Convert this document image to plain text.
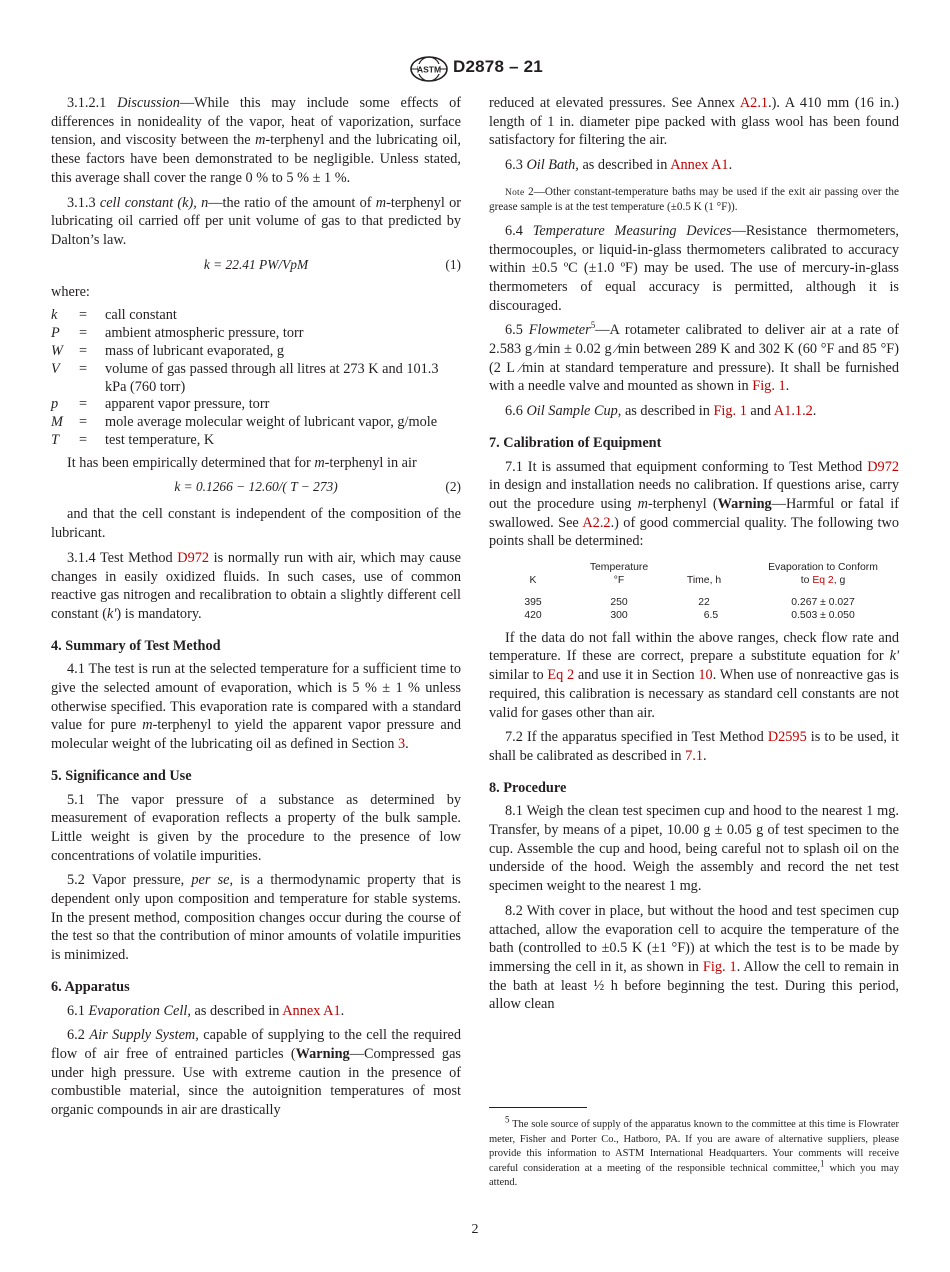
ASTM D2878 – 21

3.1.2.1 Discussion—While this may include some effects of differences in nonideality of the vapor, heat of vaporization, surface tension, and viscosity between the m-terphenyl and the lubricating oil, these factors have been demonstrated to be negligible. Unless stated, this average shall cover the range 0 % to 5 % ± 1 %.

3.1.3 cell constant (k), n—the ratio of the amount of m-terphenyl or lubricating oil carried off per unit volume of gas to that predicted by Dalton’s law.

k = 22.41 PW/VpM	(1)

where:

k	=	call constant
P	=	ambient atmospheric pressure, torr
W	=	mass of lubricant evaporated, g
V	=	volume of gas passed through all litres at 273 K and 101.3 kPa (760 torr)
p	=	apparent vapor pressure, torr
M	=	mole average molecular weight of lubricant vapor, g/mole
T	=	test temperature, K

It has been empirically determined that for m-terphenyl in air

k = 0.1266 − 12.60/( T − 273)	(2)

and that the cell constant is independent of the composition of the lubricant.

3.1.4 Test Method D972 is normally run with air, which may cause changes in easily oxidized fluids. In such cases, use of common reactive gas nitrogen and recalibration to obtain a slightly different cell constant (k') is mandatory.

4. Summary of Test Method

4.1 The test is run at the selected temperature for a sufficient time to give the selected amount of evaporation, which is 5 % ± 1 % unless otherwise specified. This evaporation rate is compared with a standard value for pure m-terphenyl to yield the apparent vapor pressure and molecular weight of the lubricating oil as defined in Section 3.

5. Significance and Use

5.1 The vapor pressure of a substance as determined by measurement of evaporation reflects a property of the bulk sample. Little weight is given by the procedure to the presence of low concentrations of volatile impurities.

5.2 Vapor pressure, per se, is a thermodynamic property that is dependent only upon composition and temperature for stable systems. In the present method, composition changes occur during the course of the test so that the contribution of minor amounts of volatile impurities is minimized.

6. Apparatus

6.1 Evaporation Cell, as described in Annex A1.

6.2 Air Supply System, capable of supplying to the cell the required flow of air free of entrained particles (Warning—Compressed gas under high pressure. Use with extreme caution in the presence of combustible material, since the autoignition temperatures of most organic compounds in air are drastically

reduced at elevated pressures. See Annex A2.1.). A 410 mm (16 in.) length of 1 in. diameter pipe packed with glass wool has been found satisfactory for filtering the air.

6.3 Oil Bath, as described in Annex A1.

Note 2—Other constant-temperature baths may be used if the exit air passing over the grease sample is at the test temperature (±0.5 K (1 °F)).

6.4 Temperature Measuring Devices—Resistance thermometers, thermocouples, or liquid-in-glass thermometers calibrated to accuracy within ±0.5 ºC (±1.0 ºF) may be used. The use of mercury-in-glass thermometers of equal accuracy is permitted, although it is discouraged.

6.5 Flowmeter$^5$—A rotameter calibrated to deliver air at a rate of 2.583 g ⁄min ± 0.02 g ⁄min between 289 K and 302 K (60 °F and 85 °F) (2 L ⁄min at standard temperature and pressure). It shall be furnished with a needle valve and mounted as shown in Fig. 1.

6.6 Oil Sample Cup, as described in Fig. 1 and A1.1.2.

7. Calibration of Equipment

7.1 It is assumed that equipment conforming to Test Method D972 in design and installation needs no calibration. If questions arise, carry out the procedure using m-terphenyl (Warning—Harmful or fatal if swallowed. See A2.2.) of good commercial quality. The following two points shall be determined:

Temperature	Evaporation to Conform
K	°F	Time, h	to Eq 2, g
395	250	22	0.267 ± 0.027
420	300	6.5	0.503 ± 0.050

If the data do not fall within the above ranges, check flow rate and temperature. If these are correct, prepare a substitute equation for k' similar to Eq 2 and use it in Section 10. When use of nonreactive gas is required, this calibration is necessary as standard cell constants are not valid for gases other than air.

7.2 If the apparatus specified in Test Method D2595 is to be used, it shall be calibrated as described in 7.1.

8. Procedure

8.1 Weigh the clean test specimen cup and hood to the nearest 1 mg. Transfer, by means of a pipet, 10.00 g ± 0.05 g of test specimen to the cup. Assemble the cup and hood, being careful not to splash oil on the underside of the hood. Weigh the assembly and record the net test specimen weight to the nearest 1 mg.

8.2 With cover in place, but without the hood and test specimen cup attached, allow the evaporation cell to acquire the temperature of the bath (controlled to ±0.5 K (±1 °F)) at which the test is to be made by immersing the cell in it, as shown in Fig. 1. Allow the cell to remain in the bath at least ½ h before beginning the test. During this period, allow clean

$^5$ The sole source of supply of the apparatus known to the committee at this time is Flowrater meter, Fisher and Porter Co., Hatboro, PA. If you are aware of alternative suppliers, please provide this information to ASTM International Headquarters. Your comments will receive careful consideration at a meeting of the responsible technical committee,$^1$ which you may attend.
2
